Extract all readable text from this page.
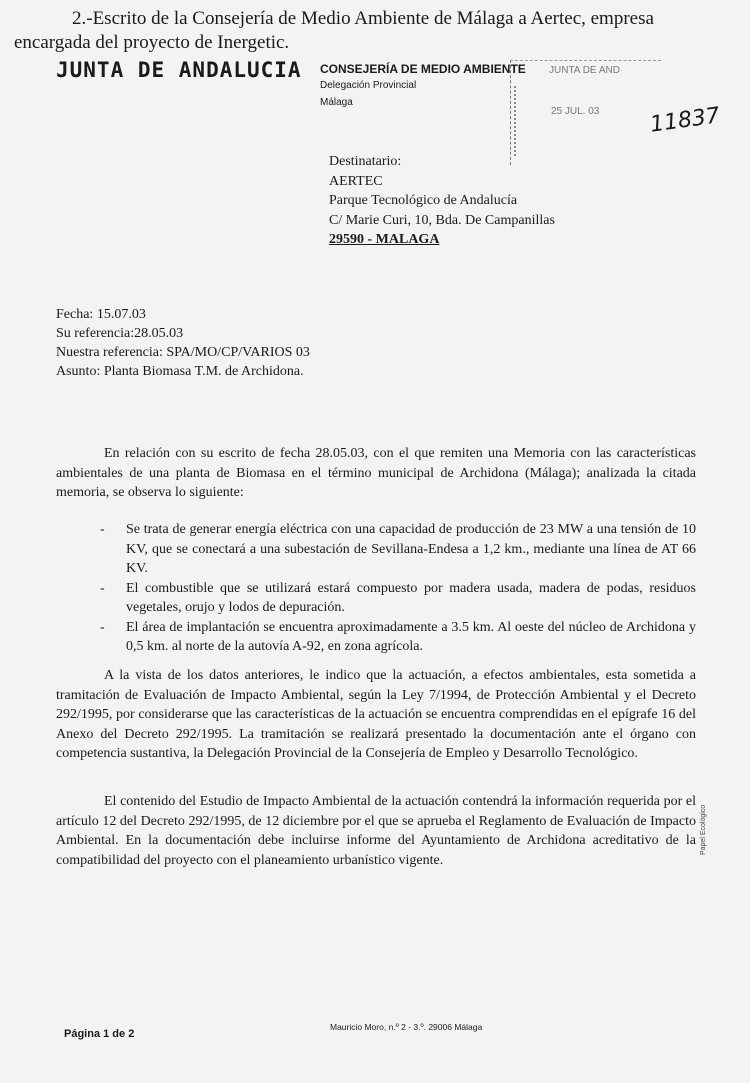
2.-Escrito de la Consejería de Medio Ambiente de Málaga a Aertec, empresa
encargada del proyecto de Inergetic.
JUNTA DE ANDALUCIA CONSEJERÍA DE MEDIO AMBIENTE
Delegación Provincial
Málaga
JUNTA DE AND
25 JUL. 03 11837
Destinatario:
AERTEC
Parque Tecnológico de Andalucía
C/ Marie Curi, 10, Bda. De Campanillas
29590 - MALAGA
Fecha: 15.07.03
Su referencia:28.05.03
Nuestra referencia: SPA/MO/CP/VARIOS 03
Asunto: Planta Biomasa T.M. de Archidona.
En relación con su escrito de fecha 28.05.03, con el que remiten una Memoria con las características ambientales de una planta de Biomasa en el término municipal de Archidona (Málaga); analizada la citada memoria, se observa lo siguiente:
- Se trata de generar energía eléctrica con una capacidad de producción de 23 MW a una tensión de 10 KV, que se conectará a una subestación de Sevillana-Endesa a 1,2 km., mediante una línea de AT 66 KV.
- El combustible que se utilizará estará compuesto por madera usada, madera de podas, residuos vegetales, orujo y lodos de depuración.
- El área de implantación se encuentra aproximadamente a 3.5 km. Al oeste del núcleo de Archidona y 0,5 km. al norte de la autovía A-92, en zona agrícola.
A la vista de los datos anteriores, le indico que la actuación, a efectos ambientales, esta sometida a tramitación de Evaluación de Impacto Ambiental, según la Ley 7/1994, de Protección Ambiental y el Decreto 292/1995, por considerarse que las características de la actuación se encuentra comprendidas en el epígrafe 16 del Anexo del Decreto 292/1995. La tramitación se realizará presentado la documentación ante el órgano con competencia sustantiva, la Delegación Provincial de la Consejería de Empleo y Desarrollo Tecnológico.
El contenido del Estudio de Impacto Ambiental de la actuación contendrá la información requerida por el artículo 12 del Decreto 292/1995, de 12 diciembre por el que se aprueba el Reglamento de Evaluación de Impacto Ambiental. En la documentación debe incluirse informe del Ayuntamiento de Archidona acreditativo de la compatibilidad del proyecto con el planeamiento urbanístico vigente.
Papel Ecológico
Página 1 de 2
Mauricio Moro, n.º 2 - 3.º. 29006 Málaga
